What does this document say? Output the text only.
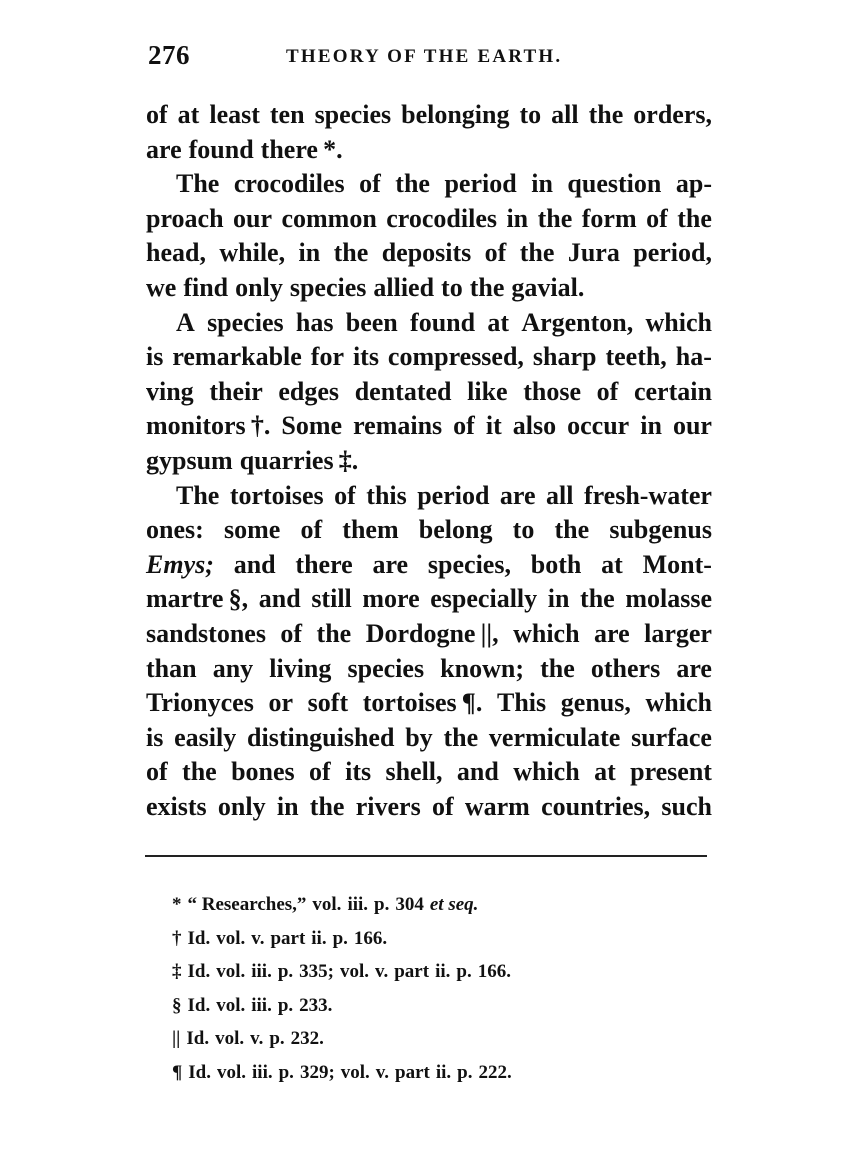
276	THEORY OF THE EARTH.
of at least ten species belonging to all the orders,
are found there *.
The crocodiles of the period in question ap-
proach our common crocodiles in the form of the
head, while, in the deposits of the Jura period,
we find only species allied to the gavial.
A species has been found at Argenton, which
is remarkable for its compressed, sharp teeth, ha-
ving their edges dentated like those of certain
monitors †. Some remains of it also occur in our
gypsum quarries ‡.
The tortoises of this period are all fresh-water
ones: some of them belong to the subgenus
Emys; and there are species, both at Mont-
martre §, and still more especially in the molasse
sandstones of the Dordogne ||, which are larger
than any living species known; the others are
Trionyces or soft tortoises ¶. This genus, which
is easily distinguished by the vermiculate surface
of the bones of its shell, and which at present
exists only in the rivers of warm countries, such
* “ Researches,” vol. iii. p. 304 et seq.
† Id. vol. v. part ii. p. 166.
‡ Id. vol. iii. p. 335; vol. v. part ii. p. 166.
§ Id. vol. iii. p. 233.
|| Id. vol. v. p. 232.
¶ Id. vol. iii. p. 329; vol. v. part ii. p. 222.
